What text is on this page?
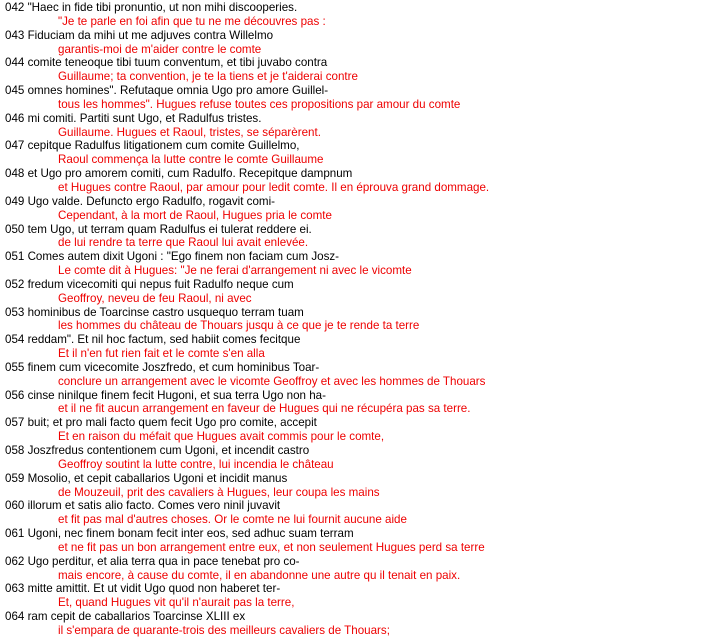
042 "Haec in fide tibi pronuntio, ut non mihi discooperies.
"Je te parle en foi afin que tu ne me découvres pas :
043 Fiduciam da mihi ut me adjuves contra Willelmo
garantis-moi de m'aider contre le comte
044 comite teneoque tibi tuum conventum, et tibi juvabo contra
Guillaume; ta convention, je te la tiens et je t'aiderai contre
045 omnes homines". Refutaque omnia Ugo pro amore Guillel-
tous les hommes". Hugues refuse toutes ces propositions par amour du comte
046 mi comiti. Partiti sunt Ugo, et Radulfus tristes.
Guillaume. Hugues et Raoul, tristes, se séparèrent.
047 cepitque Radulfus litigationem cum comite Guillelmo,
Raoul commença la lutte contre le comte Guillaume
048 et Ugo pro amorem comiti, cum Radulfo. Recepitque dampnum
et Hugues contre Raoul, par amour pour ledit comte. Il en éprouva grand dommage.
049 Ugo valde. Defuncto ergo Radulfo, rogavit comi-
Cependant, à la mort de Raoul, Hugues pria le comte
050 tem Ugo, ut terram quam Radulfus ei tulerat reddere ei.
de lui rendre ta terre que Raoul lui avait enlevée.
051 Comes autem dixit Ugoni : "Ego finem non faciam cum Josz-
Le comte dit à Hugues: "Je ne ferai d'arrangement ni avec le vicomte
052 fredum vicecomiti qui nepus fuit Radulfo neque cum
Geoffroy, neveu de feu Raoul, ni avec
053 hominibus de Toarcinse castro usquequo terram tuam
les hommes du château de Thouars jusqu à ce que je te rende ta terre
054 reddam". Et nil hoc factum, sed habiit comes fecitque
Et il n'en fut rien fait et le comte s'en alla
055 finem cum vicecomite Joszfredo, et cum hominibus Toar-
conclure un arrangement avec le vicomte Geoffroy et avec les hommes de Thouars
056 cinse ninilque finem fecit Hugoni, et sua terra Ugo non ha-
et il ne fit aucun arrangement en faveur de Hugues qui ne récupéra pas sa terre.
057 buit; et pro mali facto quem fecit Ugo pro comite, accepit
Et en raison du méfait que Hugues avait commis pour le comte,
058 Joszfredus contentionem cum Ugoni, et incendit castro
Geoffroy soutint la lutte contre, lui incendia le château
059 Mosolio, et cepit caballarios Ugoni et incidit manus
de Mouzeuil, prit des cavaliers à Hugues, leur coupa les mains
060 illorum et satis alio facto. Comes vero ninil juvavit
et fit pas mal d'autres choses. Or le comte ne lui fournit aucune aide
061 Ugoni, nec finem bonam fecit inter eos, sed adhuc suam terram
et ne fit pas un bon arrangement entre eux, et non seulement Hugues perd sa terre
062 Ugo perditur, et alia terra qua in pace tenebat pro co-
mais encore, à cause du comte, il en abandonne une autre qu il tenait en paix.
063 mitte amittit. Et ut vidit Ugo quod non haberet ter-
Et, quand Hugues vit qu'il n'aurait pas la terre,
064 ram cepit de caballarios Toarcinse XLIII ex
il s'empara de quarante-trois des meilleurs cavaliers de Thouars;
